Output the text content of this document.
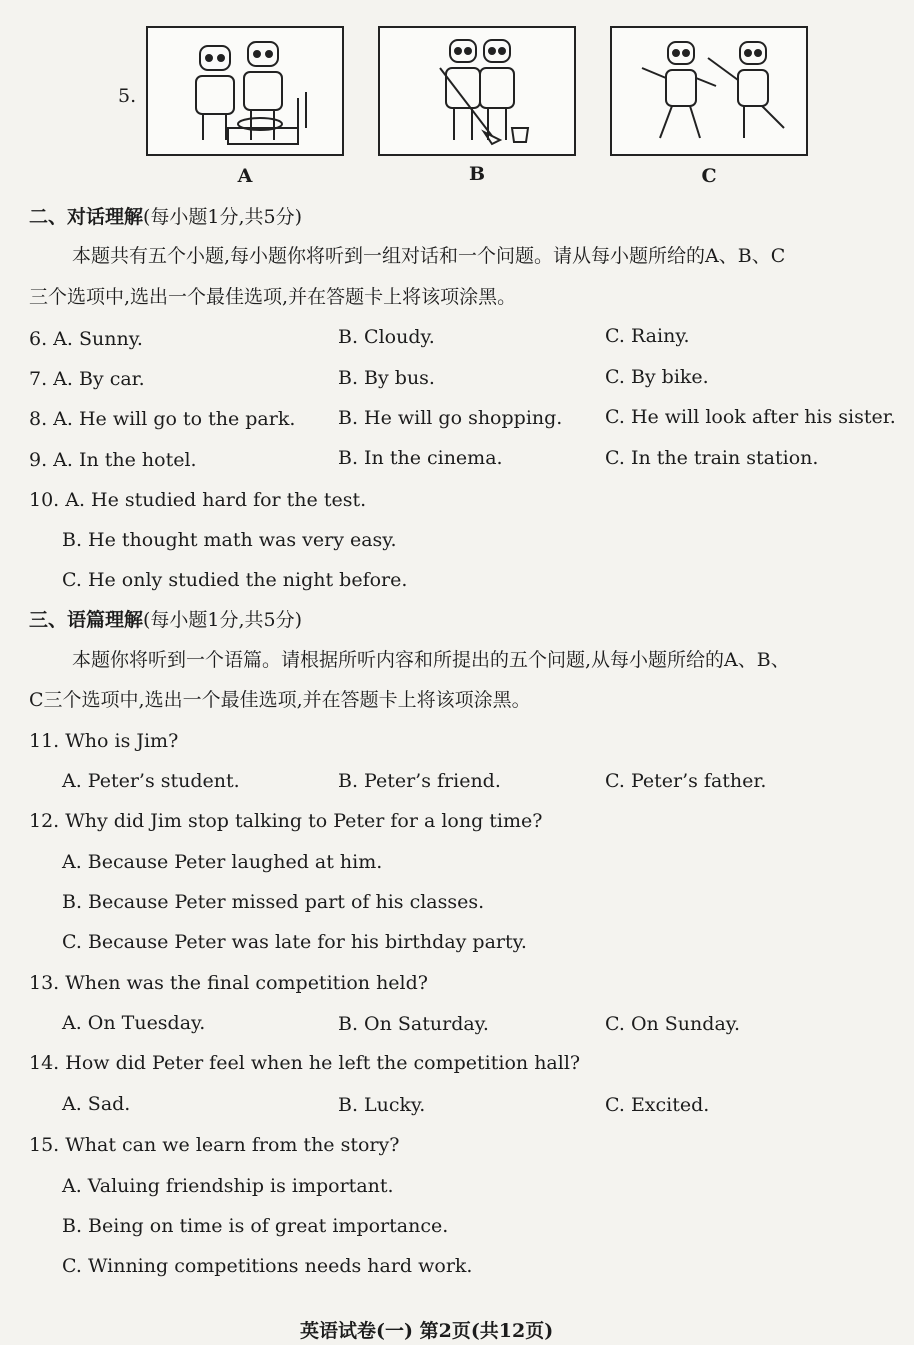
5.
A	B	C
二、对话理解(每小题1分,共5分)
本题共有五个小题,每小题你将听到一组对话和一个问题。请从每小题所给的A、B、C
三个选项中,选出一个最佳选项,并在答题卡上将该项涂黑。
6. A. Sunny.	B. Cloudy.	C. Rainy.
7. A. By car.	B. By bus.	C. By bike.
8. A. He will go to the park. B. He will go shopping. C. He will look after his sister.
9. A. In the hotel.	B. In the cinema.	C. In the train station.
10. A. He studied hard for the test.
B. He thought math was very easy.
C. He only studied the night before.
三、语篇理解(每小题1分,共5分)
本题你将听到一个语篇。请根据所听内容和所提出的五个问题,从每小题所给的A、B、
C三个选项中,选出一个最佳选项,并在答题卡上将该项涂黑。
11. Who is Jim?
A. Peter’s student.	B. Peter’s friend.	C. Peter’s father.
12. Why did Jim stop talking to Peter for a long time?
A. Because Peter laughed at him.
B. Because Peter missed part of his classes.
C. Because Peter was late for his birthday party.
13. When was the final competition held?
A. On Tuesday.	B. On Saturday.	C. On Sunday.
14. How did Peter feel when he left the competition hall?
A. Sad.	B. Lucky.	C. Excited.
15. What can we learn from the story?
A. Valuing friendship is important.
B. Being on time is of great importance.
C. Winning competitions needs hard work.
英语试卷(一) 第2页(共12页)
